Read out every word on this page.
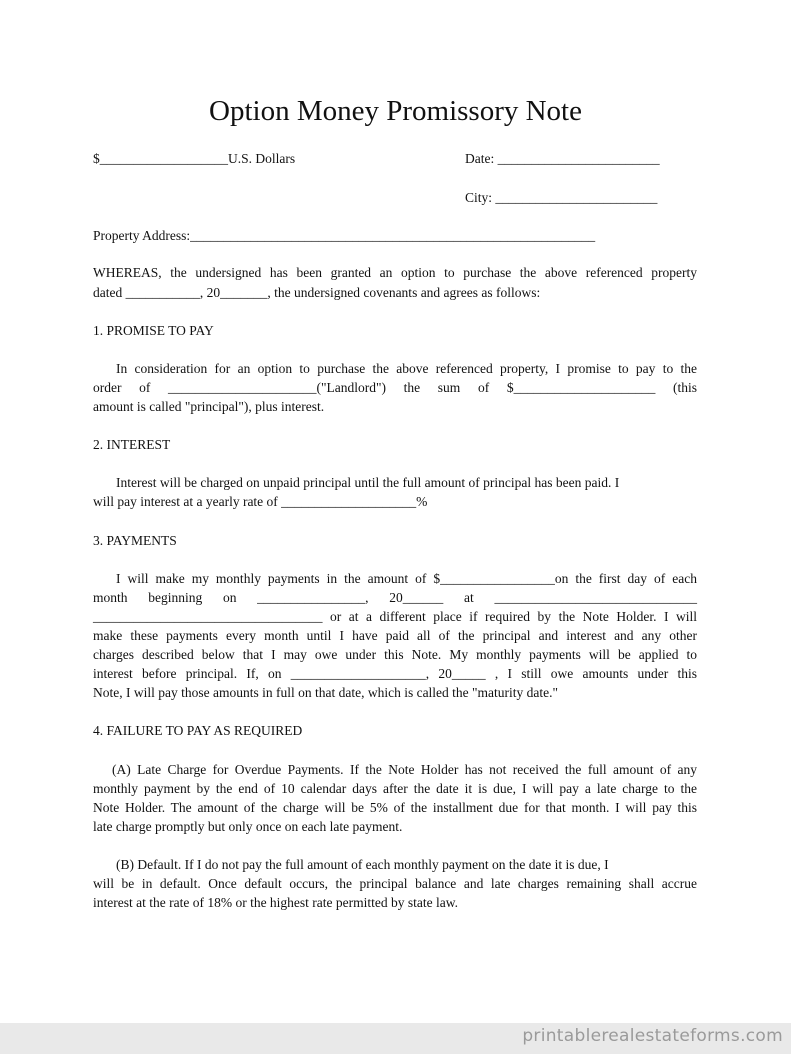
Option Money Promissory Note
$___________________U.S. Dollars	Date: ________________________
City: ________________________
Property Address:____________________________________________________________
WHEREAS, the undersigned has been granted an option to purchase the above referenced property
dated ___________, 20_______, the undersigned covenants and agrees as follows:
1. PROMISE TO PAY
In consideration for an option to purchase the above referenced property, I promise to pay to the
order of ______________________("Landlord") the sum of $_____________________ (this
amount is called "principal"), plus interest.
2. INTEREST
Interest will be charged on unpaid principal until the full amount of principal has been paid. I
will pay interest at a yearly rate of ____________________%
3. PAYMENTS
I will make my monthly payments in the amount of $_________________on the first day of each
month beginning on ________________, 20______ at ______________________________
__________________________________ or at a different place if required by the Note Holder. I will
make these payments every month until I have paid all of the principal and interest and any other
charges described below that I may owe under this Note. My monthly payments will be applied to
interest before principal. If, on ____________________, 20_____ , I still owe amounts under this
Note, I will pay those amounts in full on that date, which is called the "maturity date."
4. FAILURE TO PAY AS REQUIRED
(A) Late Charge for Overdue Payments. If the Note Holder has not received the full amount of any
monthly payment by the end of 10 calendar days after the date it is due, I will pay a late charge to the
Note Holder. The amount of the charge will be 5% of the installment due for that month. I will pay this
late charge promptly but only once on each late payment.
(B) Default. If I do not pay the full amount of each monthly payment on the date it is due, I
will be in default. Once default occurs, the principal balance and late charges remaining shall accrue
interest at the rate of 18% or the highest rate permitted by state law.
printablerealestateforms.com
